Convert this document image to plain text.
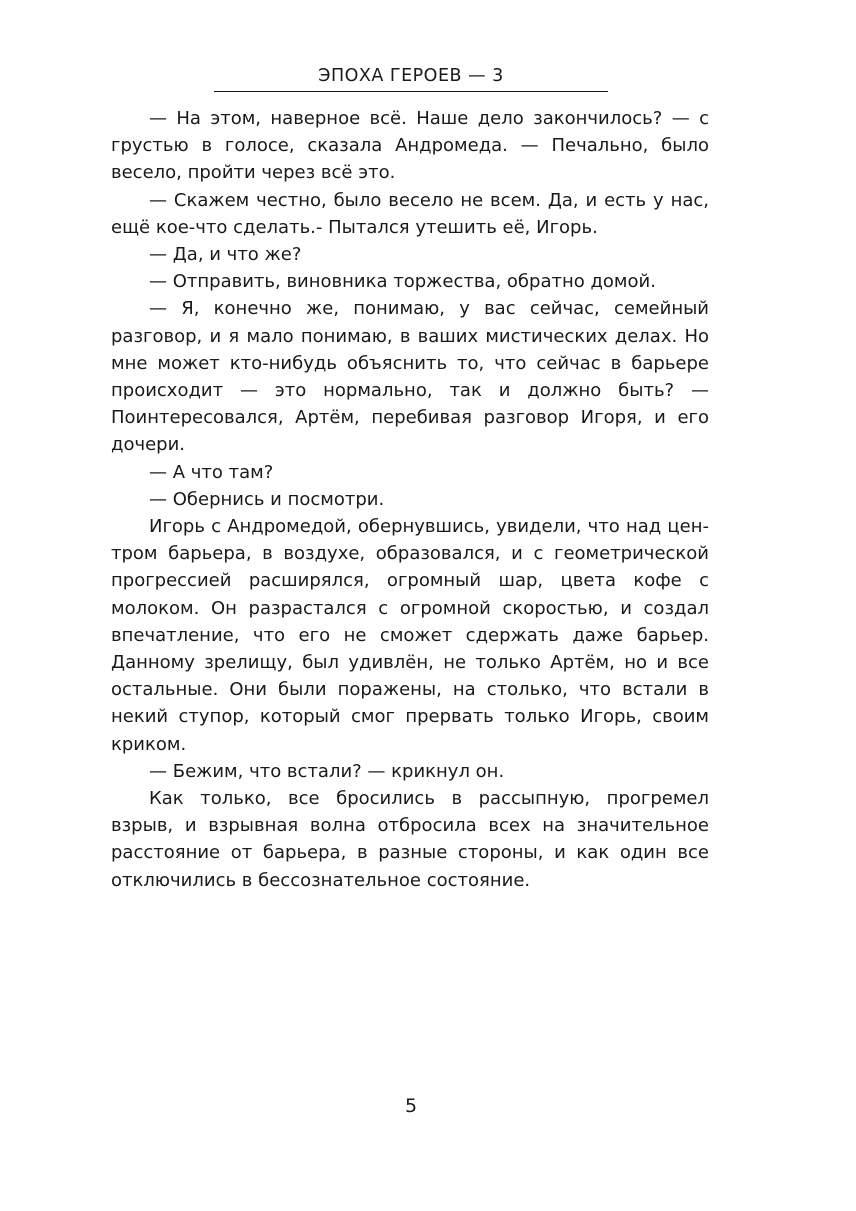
ЭПОХА ГЕРОЕВ — 3

— На этом, наверное всё. Наше дело закончилось? — с грустью в голосе, сказала Андромеда. — Печально, было весело, пройти через всё это.

— Скажем честно, было весело не всем. Да, и есть у нас, ещё кое-что сделать.- Пытался утешить её, Игорь.

— Да, и что же?

— Отправить, виновника торжества, обратно домой.

— Я, конечно же, понимаю, у вас сейчас, семейный разговор, и я мало понимаю, в ваших мистических делах. Но мне может кто-нибудь объяснить то, что сейчас в барьере происходит — это нормально, так и должно быть? — Поинтересовался, Артём, перебивая разговор Игоря, и его дочери.

— А что там?

— Обернись и посмотри.

Игорь с Андромедой, обернувшись, увидели, что над центром барьера, в воздухе, образовался, и с геометрической прогрессией расширялся, огромный шар, цвета кофе с молоком. Он разрастался с огромной скоростью, и создал впечатление, что его не сможет сдержать даже барьер. Данному зрелищу, был удивлён, не только Артём, но и все остальные. Они были поражены, на столько, что встали в некий ступор, который смог прервать только Игорь, своим криком.

— Бежим, что встали? — крикнул он.

Как только, все бросились в рассыпную, прогремел взрыв, и взрывная волна отбросила всех на значительное расстояние от барьера, в разные стороны, и как один все отключились в бессознательное состояние.

5
